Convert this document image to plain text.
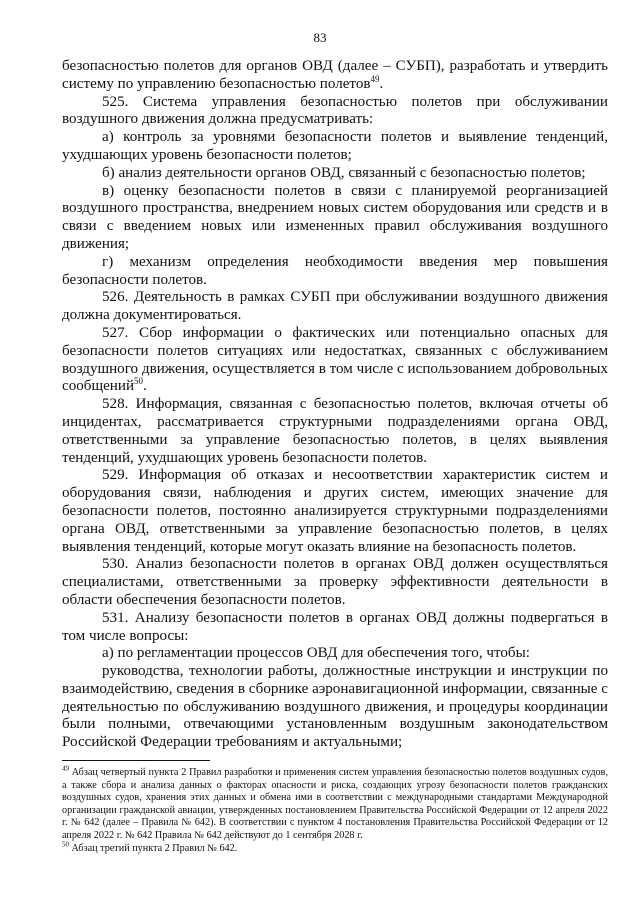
83

безопасностью полетов для органов ОВД (далее – СУБП), разработать и утвердить систему по управлению безопасностью полетов$^{49}$.

525. Система управления безопасностью полетов при обслуживании воздушного движения должна предусматривать:

а) контроль за уровнями безопасности полетов и выявление тенденций, ухудшающих уровень безопасности полетов;

б) анализ деятельности органов ОВД, связанный с безопасностью полетов;

в) оценку безопасности полетов в связи с планируемой реорганизацией воздушного пространства, внедрением новых систем оборудования или средств и в связи с введением новых или измененных правил обслуживания воздушного движения;

г) механизм определения необходимости введения мер повышения безопасности полетов.

526. Деятельность в рамках СУБП при обслуживании воздушного движения должна документироваться.

527. Сбор информации о фактических или потенциально опасных для безопасности полетов ситуациях или недостатках, связанных с обслуживанием воздушного движения, осуществляется в том числе с использованием добровольных сообщений$^{50}$.

528. Информация, связанная с безопасностью полетов, включая отчеты об инцидентах, рассматривается структурными подразделениями органа ОВД, ответственными за управление безопасностью полетов, в целях выявления тенденций, ухудшающих уровень безопасности полетов.

529. Информация об отказах и несоответствии характеристик систем и оборудования связи, наблюдения и других систем, имеющих значение для безопасности полетов, постоянно анализируется структурными подразделениями органа ОВД, ответственными за управление безопасностью полетов, в целях выявления тенденций, которые могут оказать влияние на безопасность полетов.

530. Анализ безопасности полетов в органах ОВД должен осуществляться специалистами, ответственными за проверку эффективности деятельности в области обеспечения безопасности полетов.

531. Анализу безопасности полетов в органах ОВД должны подвергаться в том числе вопросы:

а) по регламентации процессов ОВД для обеспечения того, чтобы:

руководства, технологии работы, должностные инструкции и инструкции по взаимодействию, сведения в сборнике аэронавигационной информации, связанные с деятельностью по обслуживанию воздушного движения, и процедуры координации были полными, отвечающими установленным воздушным законодательством Российской Федерации требованиям и актуальными;

$^{49}$ Абзац четвертый пункта 2 Правил разработки и применения систем управления безопасностью полетов воздушных судов, а также сбора и анализа данных о факторах опасности и риска, создающих угрозу безопасности полетов гражданских воздушных судов, хранения этих данных и обмена ими в соответствии с международными стандартами Международной организации гражданской авиации, утвержденных постановлением Правительства Российской Федерации от 12 апреля 2022 г. № 642 (далее – Правила № 642). В соответствии с пунктом 4 постановления Правительства Российской Федерации от 12 апреля 2022 г. № 642 Правила № 642 действуют до 1 сентября 2028 г.

$^{50}$ Абзац третий пункта 2 Правил № 642.
